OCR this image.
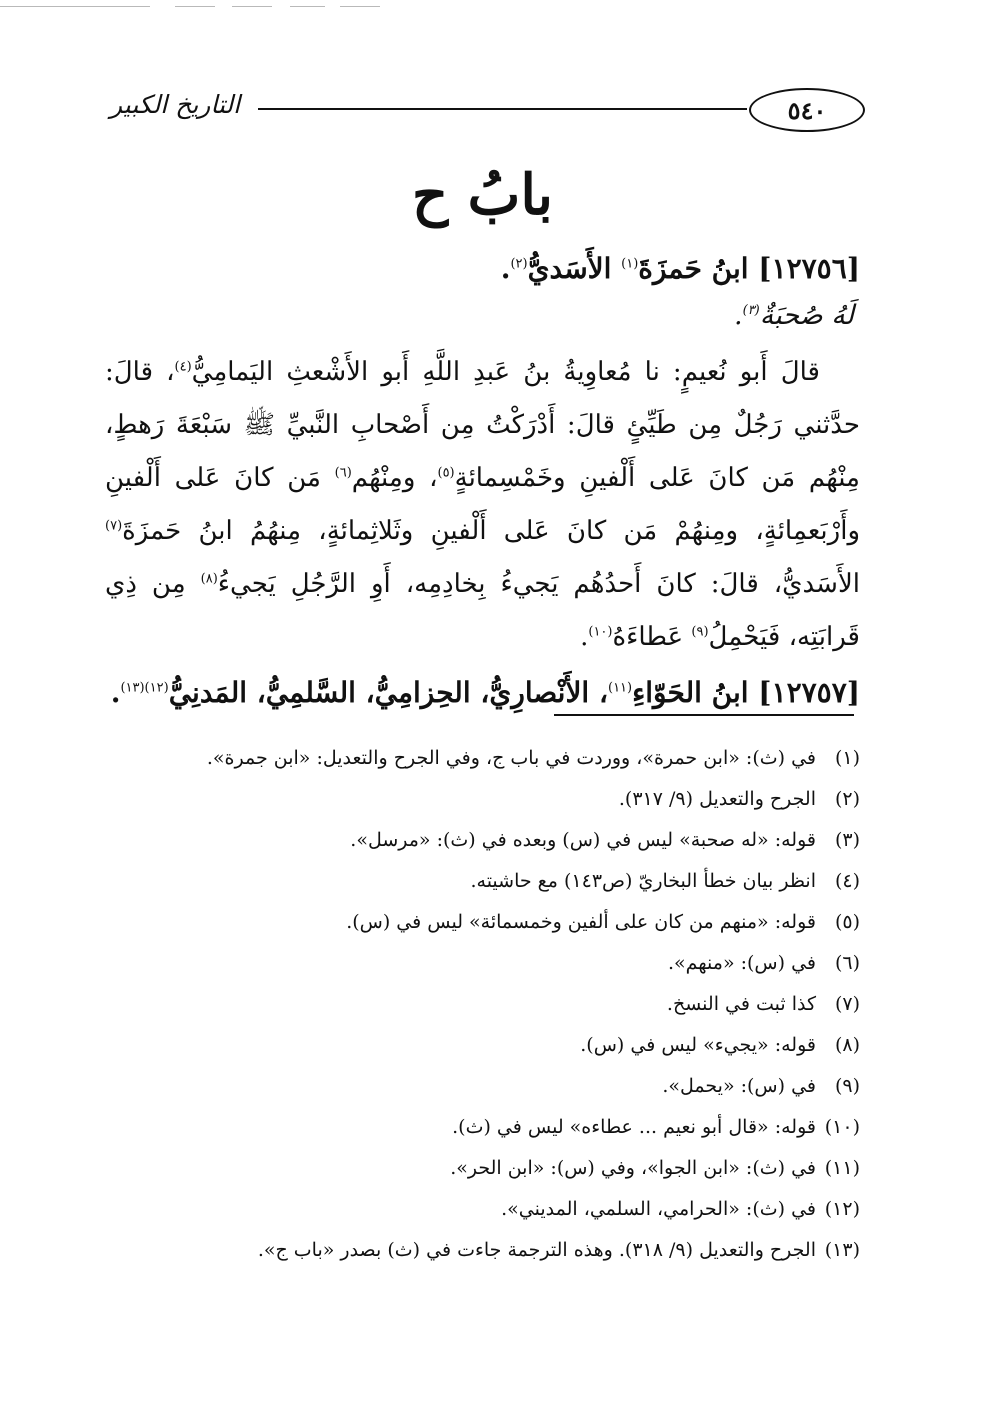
٥٤٠
التاريخ الكبير
بابُ ح

[١٢٧٥٦] ابنُ حَمزَةَ$^{(١)}$ الأَسَديُّ$^{(٢)}$.

لَهُ صُحبَةٌ$^{(٣)}$.

قالَ أَبو نُعيمٍ: نا مُعاوِيةُ بنُ عَبدِ اللَّهِ أَبو الأَشْعثِ اليَمامِيُّ$^{(٤)}$، قالَ: حدَّثني رَجُلٌ مِن طَيِّئٍ قالَ: أَدْرَكْتُ مِن أَصْحابِ النَّبيِّ ﷺ سَبْعَةَ رَهطٍ، مِنْهُم مَن كانَ عَلى أَلْفينِ وخَمْسِمائةٍ$^{(٥)}$، ومِنْهُم$^{(٦)}$ مَن كانَ عَلى أَلْفينِ وأَرْبَعمِائةٍ، ومِنهُمْ مَن كانَ عَلى أَلْفينِ وثَلاثِمائةٍ، مِنهُمُ ابنُ حَمزَةَ$^{(٧)}$ الأَسَديُّ، قالَ: كانَ أَحدُهُم يَجيءُ بِخادِمِه، أَوِ الرَّجُلِ يَجيءُ$^{(٨)}$ مِن ذِي قَرابَتِه، فَيَحْمِلُ$^{(٩)}$ عَطاءَهُ$^{(١٠)}$.

[١٢٧٥٧] ابنُ الحَوّاءِ$^{(١١)}$، الأَنْصارِيُّ، الحِزامِيُّ، السَّلمِيُّ، المَدنِيُّ$^{(١٢)(١٣)}$.

(١)في (ث): «ابن حمرة»، ووردت في باب ج، وفي الجرح والتعديل: «ابن جمرة».
(٢)الجرح والتعديل (٩/ ٣١٧).
(٣)قوله: «له صحبة» ليس في (س) وبعده في (ث): «مرسل».
(٤)انظر بيان خطأ البخاريّ (ص١٤٣) مع حاشيته.
(٥)قوله: «منهم من كان على ألفين وخمسمائة» ليس في (س).
(٦)في (س): «منهم».
(٧)كذا ثبت في النسخ.
(٨)قوله: «يجيء» ليس في (س).
(٩)في (س): «يحمل».
(١٠)قوله: «قال أبو نعيم ... عطاءه» ليس في (ث).
(١١)في (ث): «ابن الجوا»، وفي (س): «ابن الحر».
(١٢)في (ث): «الحرامي، السلمي، المديني».
(١٣)الجرح والتعديل (٩/ ٣١٨). وهذه الترجمة جاءت في (ث) بصدر «باب ج».
